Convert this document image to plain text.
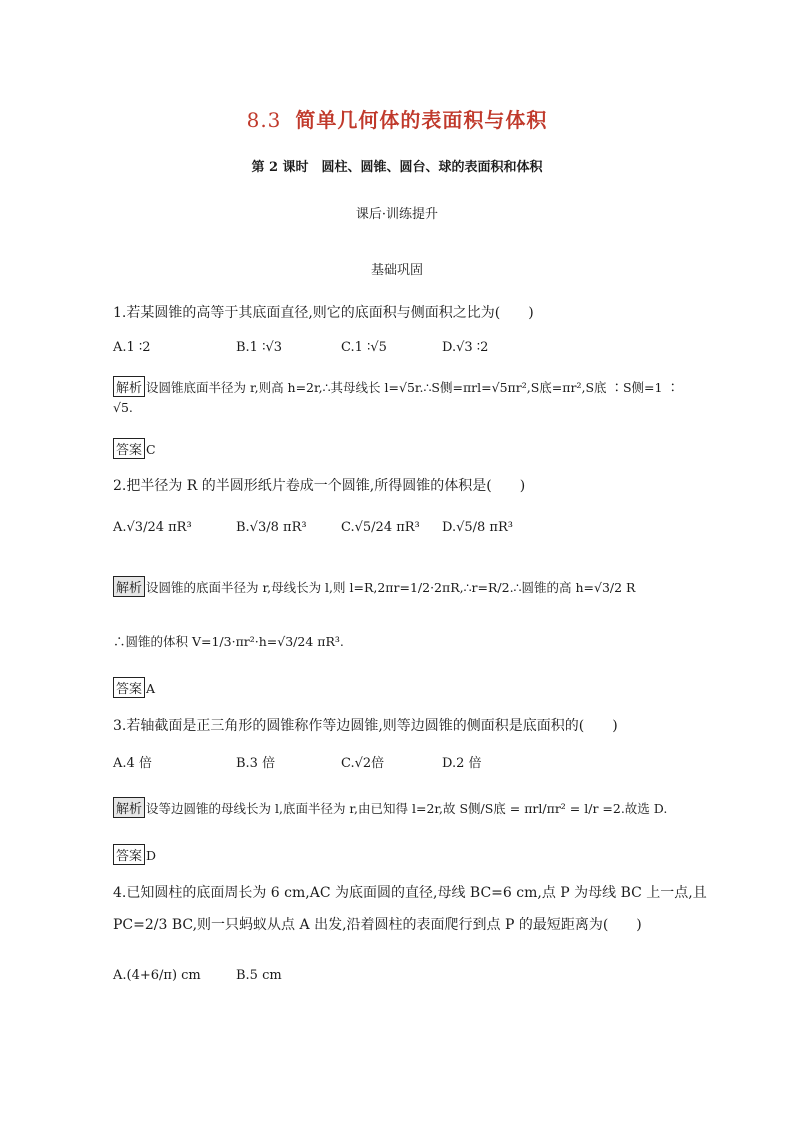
8.3 简单几何体的表面积与体积
第 2 课时　圆柱、圆锥、圆台、球的表面积和体积
课后·训练提升
基础巩固
1.若某圆锥的高等于其底面直径,则它的底面积与侧面积之比为(　　)
A.1 ∶2	B.1 ∶√3	C.1 ∶√5	D.√3 ∶2
解析 设圆锥底面半径为 r,则高 h=2r,∴其母线长 l=√5r.∴S侧=πrl=√5πr²,S底=πr²,S底 ∶S侧=1 ∶
√5.
答案 C
2.把半径为 R 的半圆形纸片卷成一个圆锥,所得圆锥的体积是(　　)
A.√3/24 πR³	B.√3/8 πR³	C.√5/24 πR³ D.√5/8 πR³
解析 设圆锥的底面半径为 r,母线长为 l,则 l=R,2πr=1/2·2πR,∴r=R/2.∴圆锥的高 h=√3/2 R
∴圆锥的体积 V=1/3·πr²·h=√3/24 πR³.
答案 A
3.若轴截面是正三角形的圆锥称作等边圆锥,则等边圆锥的侧面积是底面积的(　　)
A.4 倍	B.3 倍	C.√2倍	D.2 倍
解析 设等边圆锥的母线长为 l,底面半径为 r,由已知得 l=2r,故 S侧/S底 = πrl/πr² = l/r =2.故选 D.
答案 D
4.已知圆柱的底面周长为 6 cm,AC 为底面圆的直径,母线 BC=6 cm,点 P 为母线 BC 上一点,且
PC=2/3 BC,则一只蚂蚁从点 A 出发,沿着圆柱的表面爬行到点 P 的最短距离为(　　)
A.(4+6/π) cm	B.5 cm
